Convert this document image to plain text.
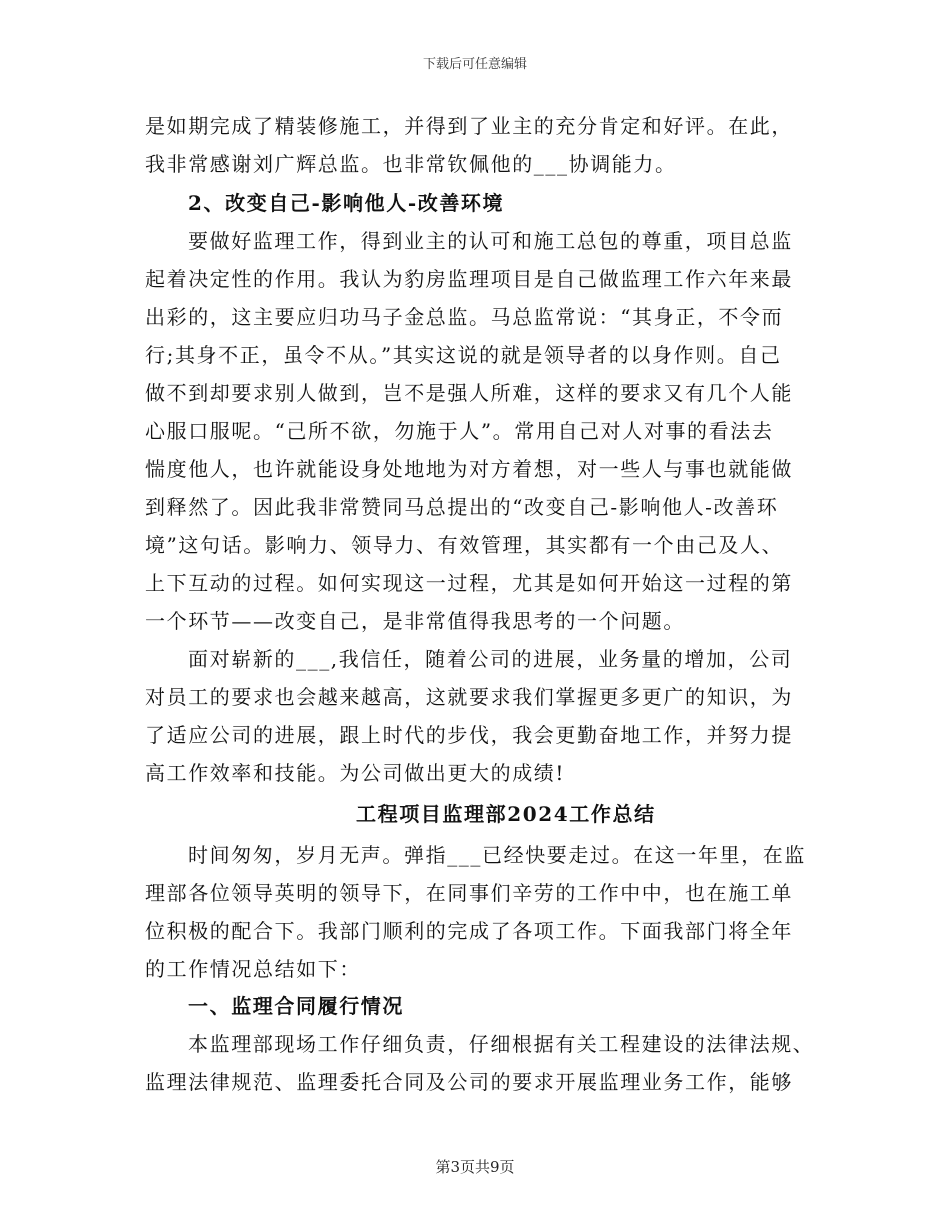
下载后可任意编辑
是如期完成了精装修施工，并得到了业主的充分肯定和好评。在此，
我非常感谢刘广辉总监。也非常钦佩他的___协调能力。
2、改变自己-影响他人-改善环境
要做好监理工作，得到业主的认可和施工总包的尊重，项目总监
起着决定性的作用。我认为豹房监理项目是自己做监理工作六年来最
出彩的，这主要应归功马子金总监。马总监常说：“其身正，不令而
行;其身不正，虽令不从。”其实这说的就是领导者的以身作则。自己
做不到却要求别人做到，岂不是强人所难，这样的要求又有几个人能
心服口服呢。“己所不欲，勿施于人”。常用自己对人对事的看法去
惴度他人，也许就能设身处地地为对方着想，对一些人与事也就能做
到释然了。因此我非常赞同马总提出的“改变自己-影响他人-改善环
境”这句话。影响力、领导力、有效管理，其实都有一个由己及人、
上下互动的过程。如何实现这一过程，尤其是如何开始这一过程的第
一个环节——改变自己，是非常值得我思考的一个问题。
面对崭新的___,我信任，随着公司的进展，业务量的增加，公司
对员工的要求也会越来越高，这就要求我们掌握更多更广的知识，为
了适应公司的进展，跟上时代的步伐，我会更勤奋地工作，并努力提
高工作效率和技能。为公司做出更大的成绩!
工程项目监理部2024工作总结
时间匆匆，岁月无声。弹指___已经快要走过。在这一年里，在监
理部各位领导英明的领导下，在同事们辛劳的工作中中，也在施工单
位积极的配合下。我部门顺利的完成了各项工作。下面我部门将全年
的工作情况总结如下：
一、监理合同履行情况
本监理部现场工作仔细负责，仔细根据有关工程建设的法律法规、
监理法律规范、监理委托合同及公司的要求开展监理业务工作，能够
第3页共9页
